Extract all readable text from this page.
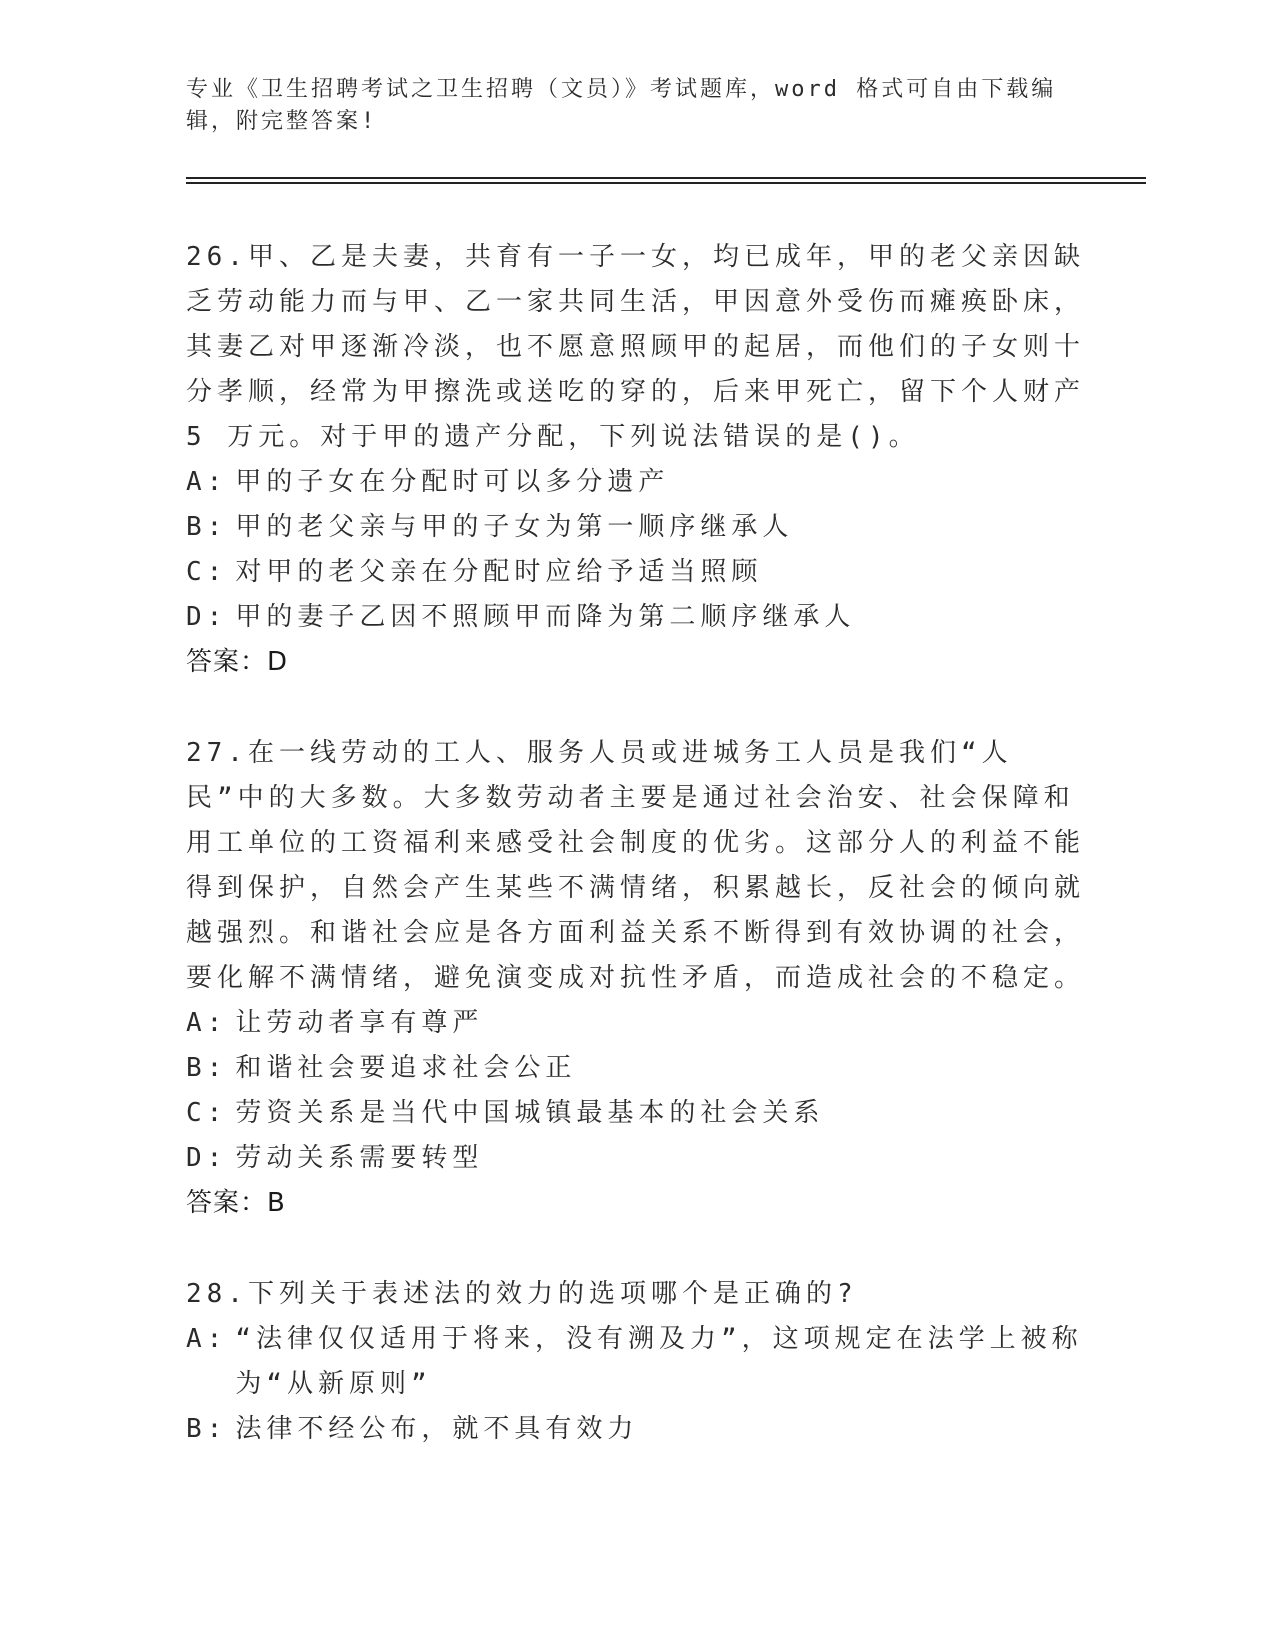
专业《卫生招聘考试之卫生招聘（文员）》考试题库，word 格式可自由下载编辑，附完整答案!
26.甲、乙是夫妻，共育有一子一女，均已成年，甲的老父亲因缺乏劳动能力而与甲、乙一家共同生活，甲因意外受伤而瘫痪卧床，其妻乙对甲逐渐冷淡，也不愿意照顾甲的起居，而他们的子女则十分孝顺，经常为甲擦洗或送吃的穿的，后来甲死亡，留下个人财产 5 万元。对于甲的遗产分配，下列说法错误的是()。
A: 甲的子女在分配时可以多分遗产
B: 甲的老父亲与甲的子女为第一顺序继承人
C: 对甲的老父亲在分配时应给予适当照顾
D: 甲的妻子乙因不照顾甲而降为第二顺序继承人
答案：D
27.在一线劳动的工人、服务人员或进城务工人员是我们“人民”中的大多数。大多数劳动者主要是通过社会治安、社会保障和用工单位的工资福利来感受社会制度的优劣。这部分人的利益不能得到保护，自然会产生某些不满情绪，积累越长，反社会的倾向就越强烈。和谐社会应是各方面利益关系不断得到有效协调的社会，要化解不满情绪，避免演变成对抗性矛盾，而造成社会的不稳定。
A: 让劳动者享有尊严
B: 和谐社会要追求社会公正
C: 劳资关系是当代中国城镇最基本的社会关系
D: 劳动关系需要转型
答案：B
28.下列关于表述法的效力的选项哪个是正确的?
A: “法律仅仅适用于将来，没有溯及力”，这项规定在法学上被称为“从新原则”
B: 法律不经公布，就不具有效力
